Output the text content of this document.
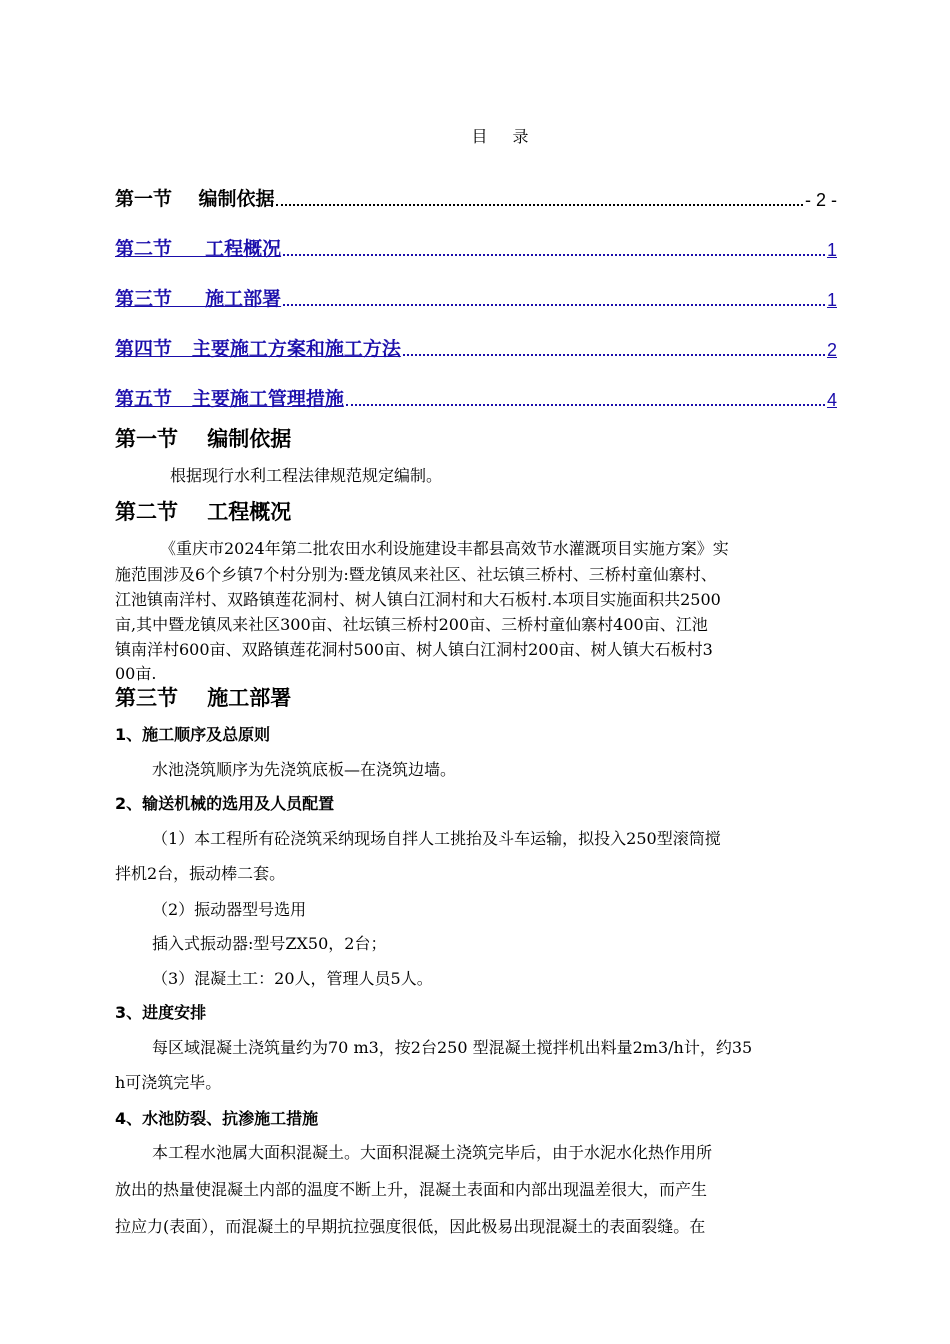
目 录
第一节    编制依据	- 2 -
第二节     工程概况	1
第三节     施工部署	1
第四节   主要施工方案和施工方法	2
第五节   主要施工管理措施	4
第一节    编制依据
根据现行水利工程法律规范规定编制。
第二节    工程概况
《重庆市2024年第二批农田水利设施建设丰都县高效节水灌溉项目实施方案》实
施范围涉及6个乡镇7个村分别为:暨龙镇凤来社区、社坛镇三桥村、三桥村童仙寨村、
江池镇南洋村、双路镇莲花洞村、树人镇白江洞村和大石板村.本项目实施面积共2500
亩,其中暨龙镇凤来社区300亩、社坛镇三桥村200亩、三桥村童仙寨村400亩、江池
镇南洋村600亩、双路镇莲花洞村500亩、树人镇白江洞村200亩、树人镇大石板村3
00亩.
第三节    施工部署
1、施工顺序及总原则
水池浇筑顺序为先浇筑底板—在浇筑边墙。
2、输送机械的选用及人员配置
（1）本工程所有砼浇筑采纳现场自拌人工挑抬及斗车运输，拟投入250型滚筒搅
拌机2台，振动棒二套。
（2）振动器型号选用
插入式振动器:型号ZX50，2台；
（3）混凝土工：20人，管理人员5人。
3、进度安排
每区域混凝土浇筑量约为70 m3，按2台250 型混凝土搅拌机出料量2m3/h计，约35
h可浇筑完毕。
4、水池防裂、抗渗施工措施
本工程水池属大面积混凝土。大面积混凝土浇筑完毕后，由于水泥水化热作用所
放出的热量使混凝土内部的温度不断上升，混凝土表面和内部出现温差很大，而产生
拉应力(表面），而混凝土的早期抗拉强度很低，因此极易出现混凝土的表面裂缝。在
